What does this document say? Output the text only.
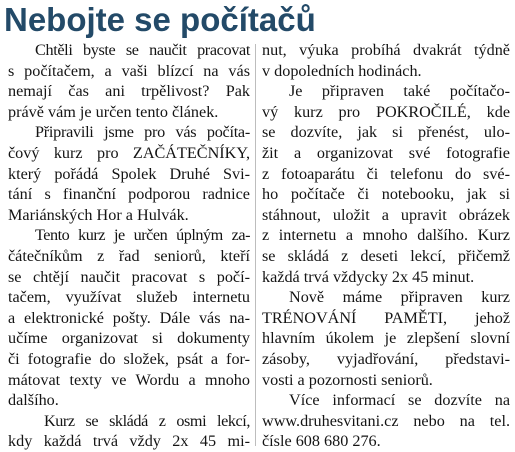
Nebojte se počítačů

Chtěli byste se naučit pracovat
s počítačem, a vaši blízcí na vás
nemají čas ani trpělivost? Pak
právě vám je určen tento článek.

Připravili jsme pro vás počíta-
čový kurz pro ZAČÁTEČNÍKY,
který pořádá Spolek Druhé Svi-
tání s finanční podporou radnice
Mariánských Hor a Hulvák.

Tento kurz je určen úplným za-
čátečníkům z řad seniorů, kteří
se chtějí naučit pracovat s počí-
tačem, využívat služeb internetu
a elektronické pošty. Dále vás na-
učíme organizovat si dokumenty
či fotografie do složek, psát a for-
mátovat texty ve Wordu a mnoho
dalšího.

Kurz se skládá z osmi lekcí,
kdy každá trvá vždy 2x 45 mi-

nut, výuka probíhá dvakrát týdně
v dopoledních hodinách.

Je připraven také počítačo-
vý kurz pro POKROČILÉ, kde
se dozvíte, jak si přenést, ulo-
žit a organizovat své fotografie
z fotoaparátu či telefonu do své-
ho počítače či notebooku, jak si
stáhnout, uložit a upravit obrázek
z internetu a mnoho dalšího. Kurz
se skládá z deseti lekcí, přičemž
každá trvá vždycky 2x 45 minut.

Nově máme připraven kurz
TRÉNOVÁNÍ PAMĚTI, jehož
hlavním úkolem je zlepšení slovní
zásoby, vyjadřování, představi-
vosti a pozornosti seniorů.

Více informací se dozvíte na
www.druhesvitani.cz nebo na tel.
čísle 608 680 276.
